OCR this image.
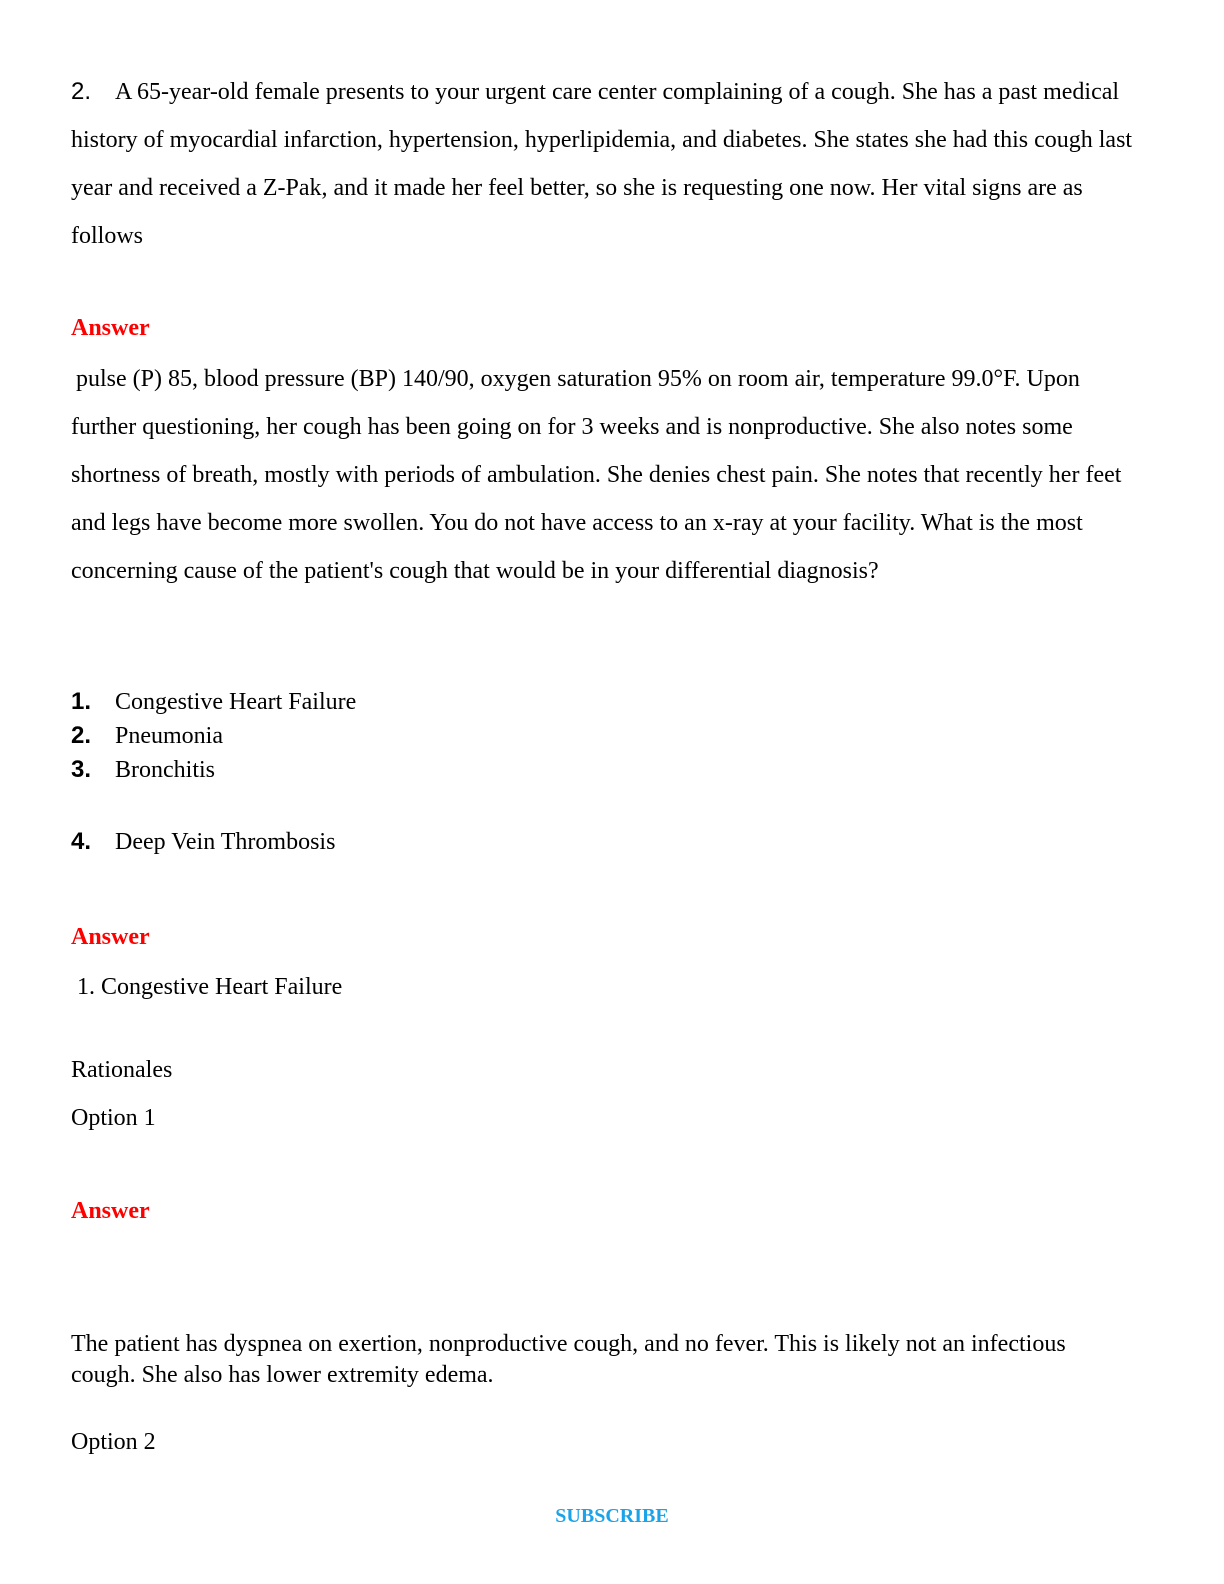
2. A 65-year-old female presents to your urgent care center complaining of a cough. She has a past medical history of myocardial infarction, hypertension, hyperlipidemia, and diabetes. She states she had this cough last year and received a Z-Pak, and it made her feel better, so she is requesting one now. Her vital signs are as follows
Answer
pulse (P) 85, blood pressure (BP) 140/90, oxygen saturation 95% on room air, temperature 99.0°F. Upon further questioning, her cough has been going on for 3 weeks and is nonproductive. She also notes some shortness of breath, mostly with periods of ambulation. She denies chest pain. She notes that recently her feet and legs have become more swollen. You do not have access to an x-ray at your facility. What is the most concerning cause of the patient's cough that would be in your differential diagnosis?
1. Congestive Heart Failure
2. Pneumonia
3. Bronchitis
4. Deep Vein Thrombosis
Answer
1. Congestive Heart Failure
Rationales
Option 1
Answer
The patient has dyspnea on exertion, nonproductive cough, and no fever. This is likely not an infectious cough. She also has lower extremity edema.
Option 2
SUBSCRIBE
